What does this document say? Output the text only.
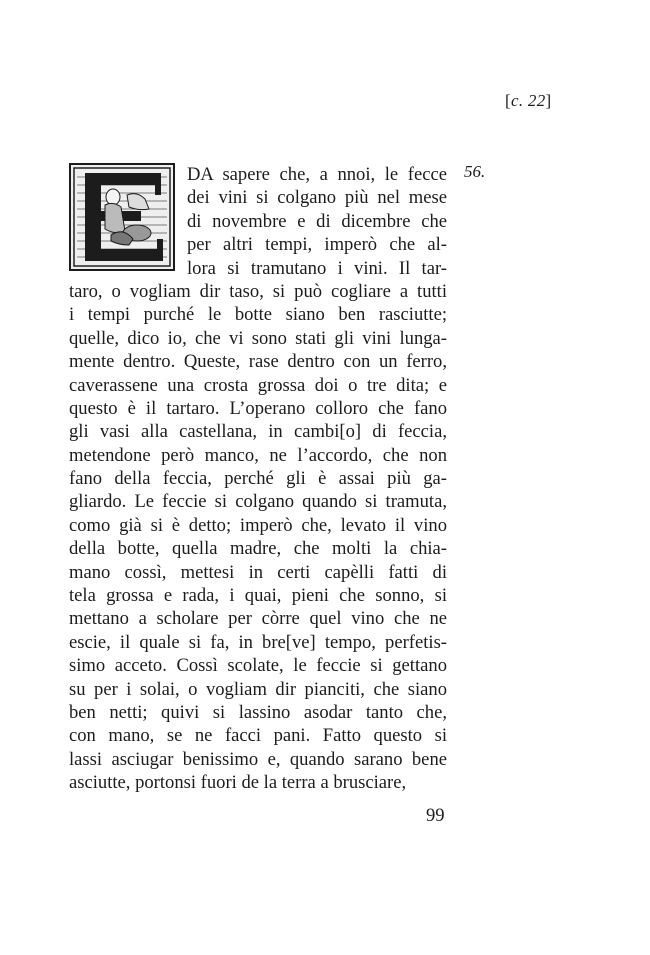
[c. 22]
56.
DA sapere che, a nnoi, le fecce
dei vini si colgano più nel mese
di novembre e di dicembre che
per altri tempi, imperò che al-
lora si tramutano i vini. Il tar-
taro, o vogliam dir taso, si può cogliare a tutti
i tempi purché le botte siano ben rasciutte;
quelle, dico io, che vi sono stati gli vini lunga-
mente dentro. Queste, rase dentro con un ferro,
caverassene una crosta grossa doi o tre dita; e
questo è il tartaro. L’operano colloro che fano
gli vasi alla castellana, in cambi[o] di feccia,
metendone però manco, ne l’accordo, che non
fano della feccia, perché gli è assai più ga-
gliardo. Le feccie si colgano quando si tramuta,
como già si è detto; imperò che, levato il vino
della botte, quella madre, che molti la chia-
mano cossì, mettesi in certi capèlli fatti di
tela grossa e rada, i quai, pieni che sonno, si
mettano a scholare per còrre quel vino che ne
escie, il quale si fa, in bre[ve] tempo, perfetis-
simo acceto. Cossì scolate, le feccie si gettano
su per i solai, o vogliam dir pianciti, che siano
ben netti; quivi si lassino asodar tanto che,
con mano, se ne facci pani. Fatto questo si
lassi asciugar benissimo e, quando sarano bene
asciutte, portonsi fuori de la terra a brusciare,
99
